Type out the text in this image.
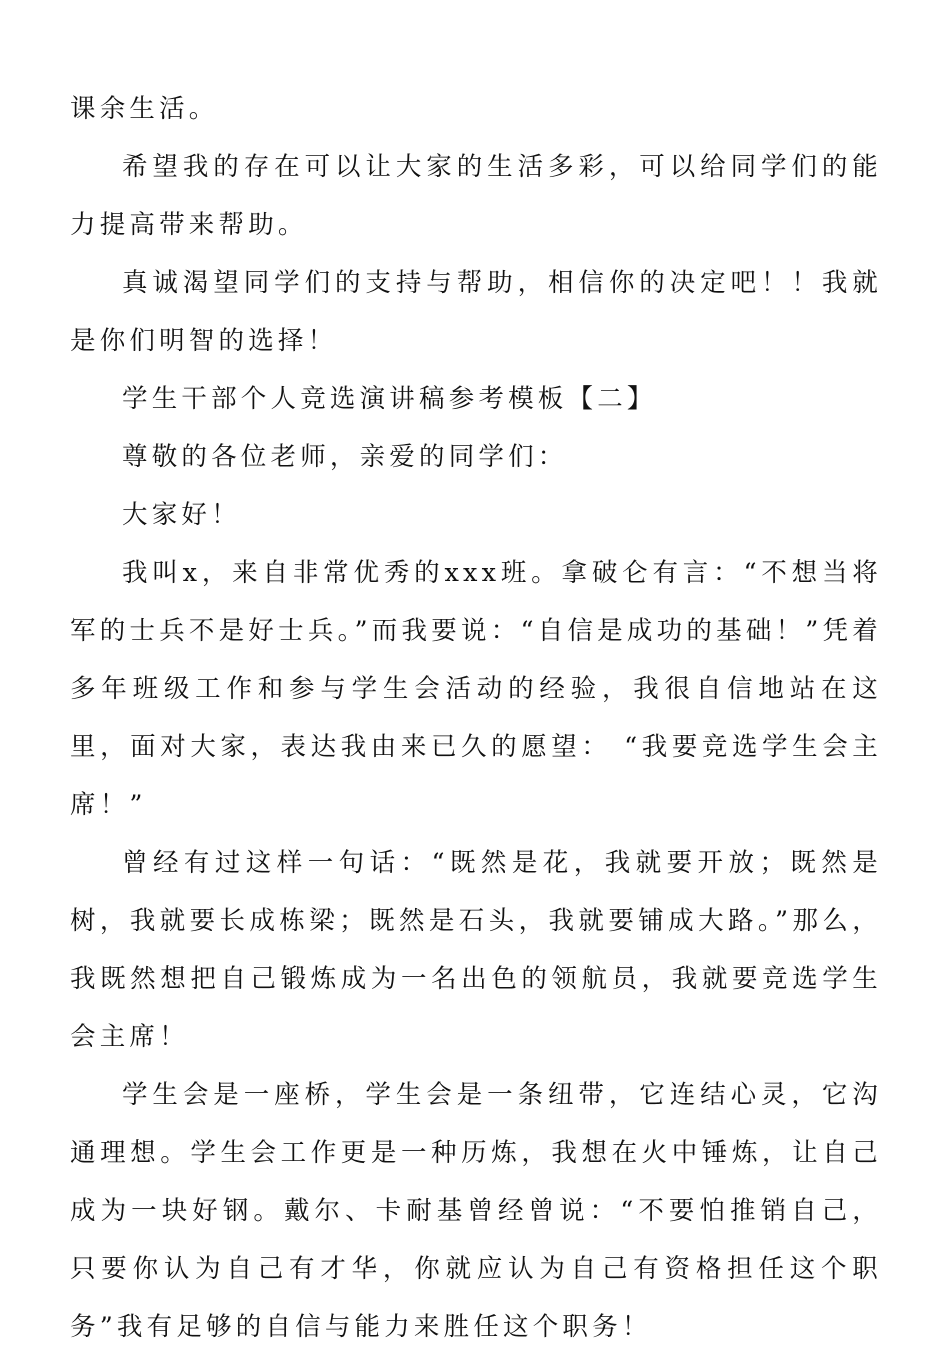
课余生活。

希望我的存在可以让大家的生活多彩，可以给同学们的能力提高带来帮助。

真诚渴望同学们的支持与帮助，相信你的决定吧！！我就是你们明智的选择！

学生干部个人竞选演讲稿参考模板【二】

尊敬的各位老师，亲爱的同学们：

大家好！

我叫x，来自非常优秀的xxx班。拿破仑有言：“不想当将军的士兵不是好士兵。”而我要说：“自信是成功的基础！”凭着多年班级工作和参与学生会活动的经验，我很自信地站在这里，面对大家，表达我由来已久的愿望： “我要竞选学生会主席！”

曾经有过这样一句话：“既然是花，我就要开放；既然是树，我就要长成栋梁；既然是石头，我就要铺成大路。”那么，我既然想把自己锻炼成为一名出色的领航员，我就要竞选学生会主席！

学生会是一座桥，学生会是一条纽带，它连结心灵，它沟通理想。学生会工作更是一种历炼，我想在火中锤炼，让自己成为一块好钢。戴尔、卡耐基曾经曾说：“不要怕推销自己，只要你认为自己有才华，你就应认为自己有资格担任这个职务”我有足够的自信与能力来胜任这个职务！
